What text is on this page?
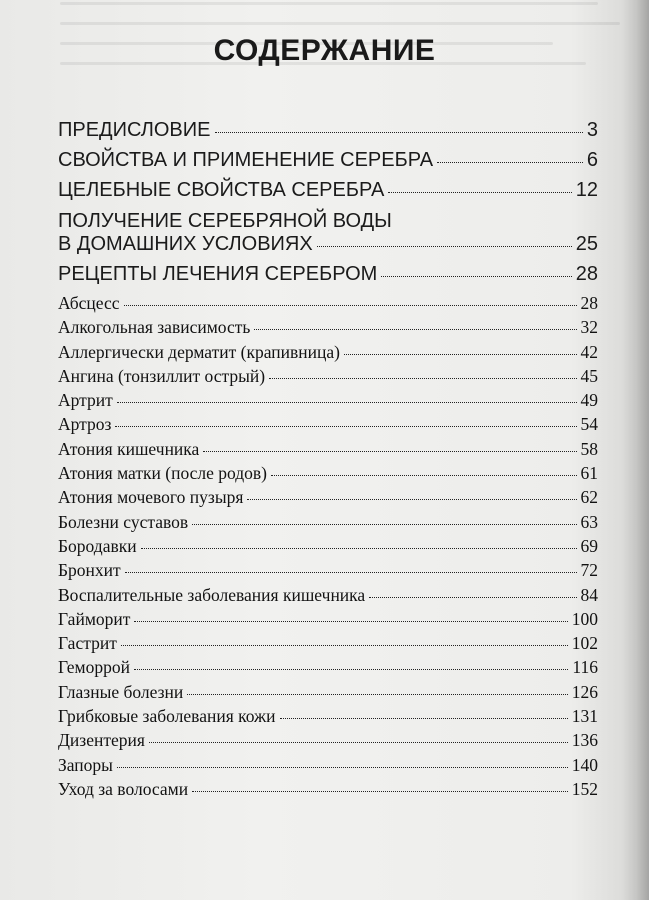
СОДЕРЖАНИЕ
ПРЕДИСЛОВИЕ	3
СВОЙСТВА И ПРИМЕНЕНИЕ СЕРЕБРА	6
ЦЕЛЕБНЫЕ СВОЙСТВА СЕРЕБРА	12
ПОЛУЧЕНИЕ СЕРЕБРЯНОЙ ВОДЫ
В ДОМАШНИХ УСЛОВИЯХ	25
РЕЦЕПТЫ ЛЕЧЕНИЯ СЕРЕБРОМ	28
Абсцесс	28
Алкогольная зависимость	32
Аллергически дерматит (крапивница)	42
Ангина (тонзиллит острый)	45
Артрит	49
Артроз	54
Атония кишечника	58
Атония матки (после родов)	61
Атония мочевого пузыря	62
Болезни суставов	63
Бородавки	69
Бронхит	72
Воспалительные заболевания кишечника	84
Гайморит	100
Гастрит	102
Геморрой	116
Глазные болезни	126
Грибковые заболевания кожи	131
Дизентерия	136
Запоры	140
Уход за волосами	152
